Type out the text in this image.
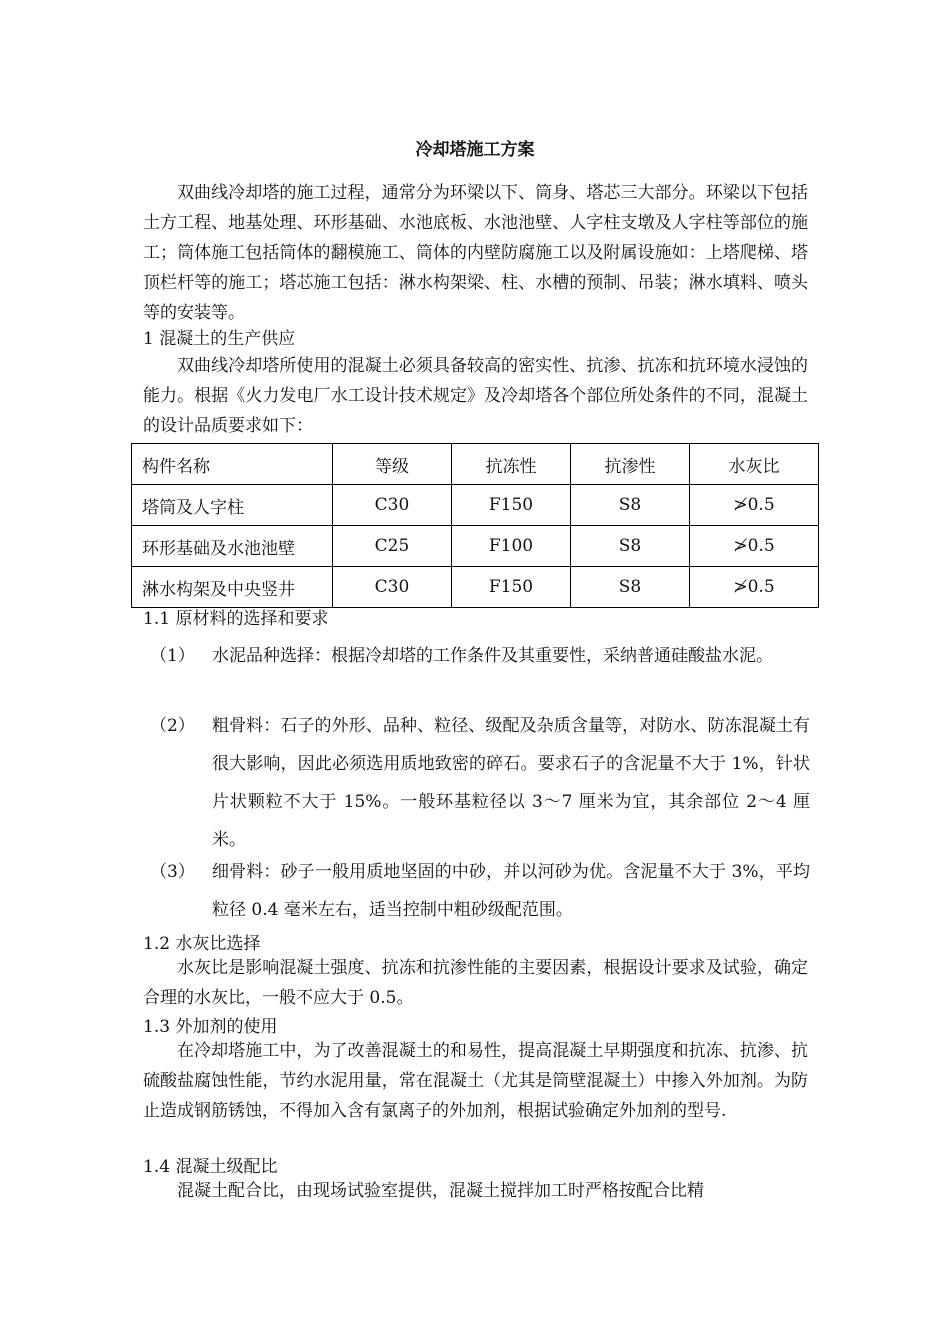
冷却塔施工方案
双曲线冷却塔的施工过程，通常分为环梁以下、筒身、塔芯三大部分。环梁以下包括土方工程、地基处理、环形基础、水池底板、水池池壁、人字柱支墩及人字柱等部位的施工；筒体施工包括筒体的翻模施工、筒体的内壁防腐施工以及附属设施如：上塔爬梯、塔顶栏杆等的施工；塔芯施工包括：淋水构架梁、柱、水槽的预制、吊装；淋水填料、喷头等的安装等。
1 混凝土的生产供应
双曲线冷却塔所使用的混凝土必须具备较高的密实性、抗渗、抗冻和抗环境水浸蚀的能力。根据《火力发电厂水工设计技术规定》及冷却塔各个部位所处条件的不同，混凝土的设计品质要求如下：
构件名称	等级	抗冻性	抗渗性	水灰比
塔筒及人字柱	C30	F150	S8	≯0.5
环形基础及水池池壁	C25	F100	S8	≯0.5
淋水构架及中央竖井	C30	F150	S8	≯0.5
1.1 原材料的选择和要求
（1） 水泥品种选择：根据冷却塔的工作条件及其重要性，采纳普通硅酸盐水泥。
（2） 粗骨料：石子的外形、品种、粒径、级配及杂质含量等，对防水、防冻混凝土有很大影响，因此必须选用质地致密的碎石。要求石子的含泥量不大于 1%，针状片状颗粒不大于 15%。一般环基粒径以 3～7 厘米为宜，其余部位 2～4 厘米。
（3） 细骨料：砂子一般用质地坚固的中砂，并以河砂为优。含泥量不大于 3%，平均粒径 0.4 毫米左右，适当控制中粗砂级配范围。
1.2 水灰比选择
水灰比是影响混凝土强度、抗冻和抗渗性能的主要因素，根据设计要求及试验，确定合理的水灰比，一般不应大于 0.5。
1.3 外加剂的使用
在冷却塔施工中，为了改善混凝土的和易性，提高混凝土早期强度和抗冻、抗渗、抗硫酸盐腐蚀性能，节约水泥用量，常在混凝土（尤其是筒壁混凝土）中掺入外加剂。为防止造成钢筋锈蚀，不得加入含有氯离子的外加剂，根据试验确定外加剂的型号.
1.4 混凝土级配比
混凝土配合比，由现场试验室提供，混凝土搅拌加工时严格按配合比精
